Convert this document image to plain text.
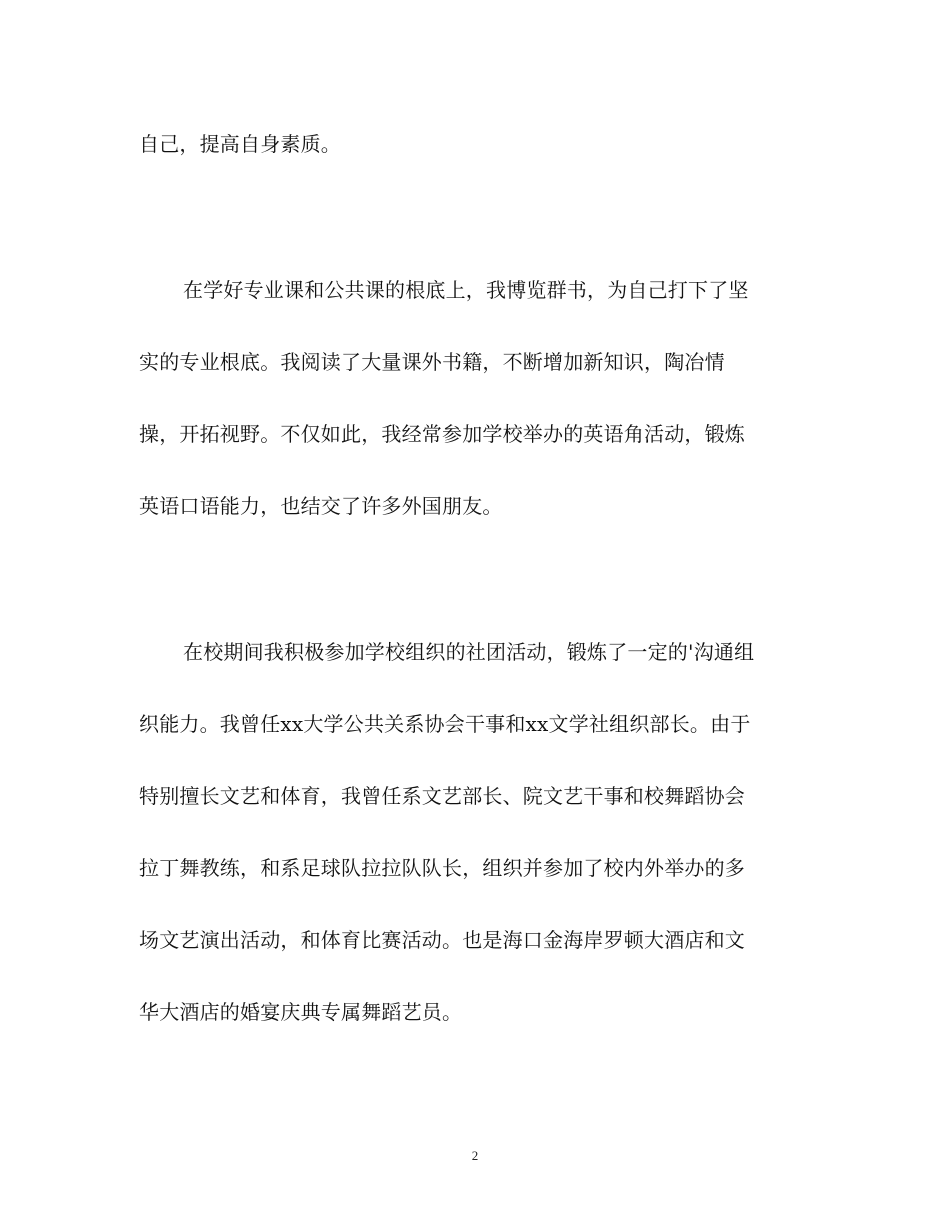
自己，提高自身素质。
在学好专业课和公共课的根底上，我博览群书，为自己打下了坚
实的专业根底。我阅读了大量课外书籍，不断增加新知识，陶冶情
操，开拓视野。不仅如此，我经常参加学校举办的英语角活动，锻炼
英语口语能力，也结交了许多外国朋友。
在校期间我积极参加学校组织的社团活动，锻炼了一定的'沟通组
织能力。我曾任xx大学公共关系协会干事和xx文学社组织部长。由于
特别擅长文艺和体育，我曾任系文艺部长、院文艺干事和校舞蹈协会
拉丁舞教练，和系足球队拉拉队队长，组织并参加了校内外举办的多
场文艺演出活动，和体育比赛活动。也是海口金海岸罗顿大酒店和文
华大酒店的婚宴庆典专属舞蹈艺员。
2
